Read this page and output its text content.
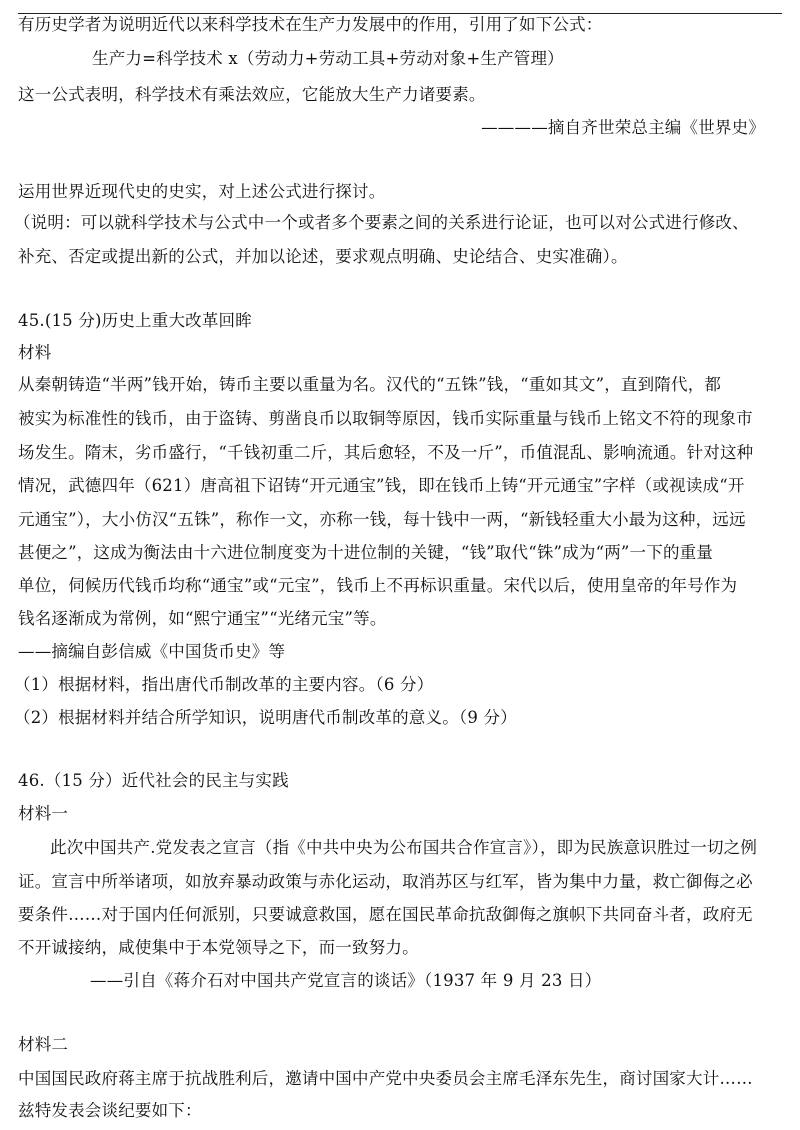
有历史学者为说明近代以来科学技术在生产力发展中的作用，引用了如下公式：
生产力=科学技术 x（劳动力+劳动工具+劳动对象+生产管理）
这一公式表明，科学技术有乘法效应，它能放大生产力诸要素。
————摘自齐世荣总主编《世界史》
运用世界近现代史的史实，对上述公式进行探讨。
（说明：可以就科学技术与公式中一个或者多个要素之间的关系进行论证，也可以对公式进行修改、
补充、否定或提出新的公式，并加以论述，要求观点明确、史论结合、史实准确）。
45.(15 分)历史上重大改革回眸
材料
从秦朝铸造“半两”钱开始，铸币主要以重量为名。汉代的“五铢”钱，“重如其文”，直到隋代，都
被实为标准性的钱币，由于盗铸、剪凿良币以取铜等原因，钱币实际重量与钱币上铭文不符的现象市
场发生。隋末，劣币盛行，“千钱初重二斤，其后愈轻，不及一斤”，币值混乱、影响流通。针对这种
情况，武德四年（621）唐高祖下诏铸“开元通宝”钱，即在钱币上铸“开元通宝”字样（或视读成“开
元通宝”），大小仿汉“五铢”，称作一文，亦称一钱，每十钱中一两，“新钱轻重大小最为这种，远远
甚便之”，这成为衡法由十六进位制度变为十进位制的关键，“钱”取代“铢”成为“两”一下的重量
单位，伺候历代钱币均称“通宝”或“元宝”，钱币上不再标识重量。宋代以后，使用皇帝的年号作为
钱名逐渐成为常例，如“熙宁通宝”“光绪元宝”等。
——摘编自彭信威《中国货币史》等
（1）根据材料，指出唐代币制改革的主要内容。（6 分）
（2）根据材料并结合所学知识，说明唐代币制改革的意义。（9 分）
46.（15 分）近代社会的民主与实践
材料一
此次中国共产.党发表之宣言（指《中共中央为公布国共合作宣言》），即为民族意识胜过一切之例
证。宣言中所举诸项，如放弃暴动政策与赤化运动，取消苏区与红军，皆为集中力量，救亡御侮之必
要条件……对于国内任何派别，只要诚意救国，愿在国民革命抗敌御侮之旗帜下共同奋斗者，政府无
不开诚接纳，咸使集中于本党领导之下，而一致努力。
——引自《蒋介石对中国共产党宣言的谈话》（1937 年 9 月 23 日）
材料二
中国国民政府蒋主席于抗战胜利后，邀请中国中产党中央委员会主席毛泽东先生，商讨国家大计……
兹特发表会谈纪要如下：
